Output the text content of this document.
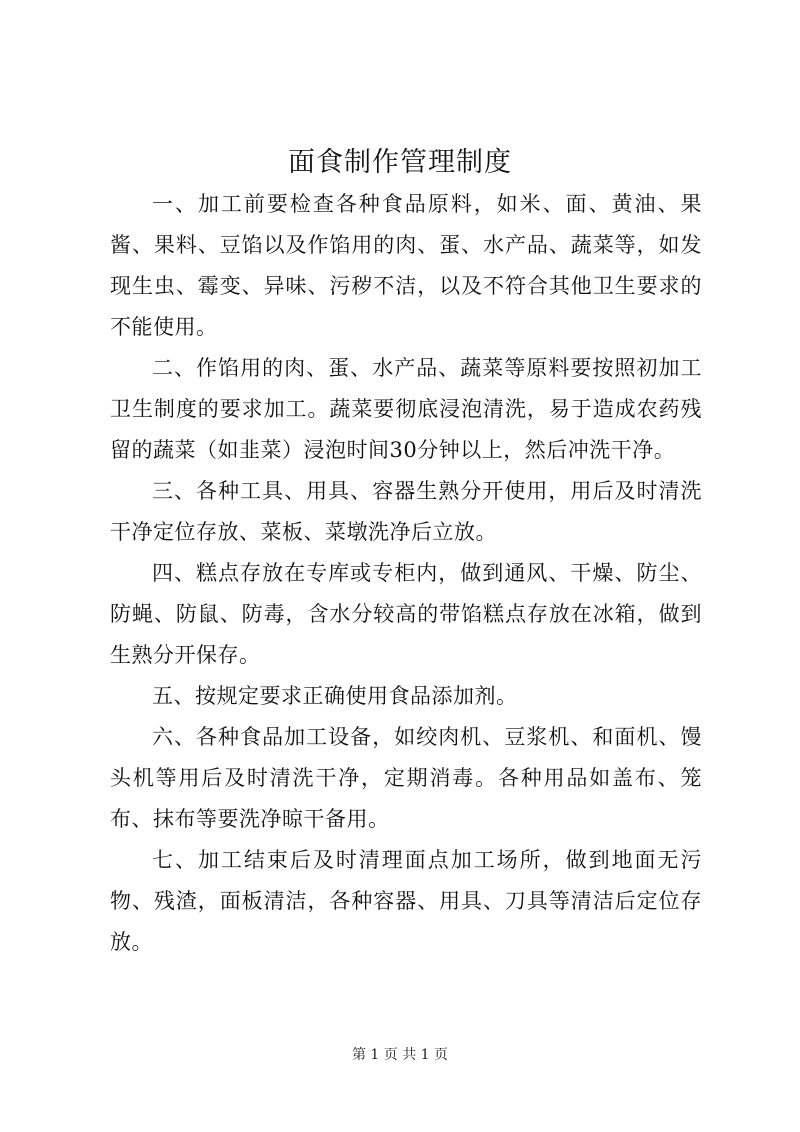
面食制作管理制度

一、加工前要检查各种食品原料，如米、面、黄油、果酱、果料、豆馅以及作馅用的肉、蛋、水产品、蔬菜等，如发现生虫、霉变、异味、污秽不洁，以及不符合其他卫生要求的不能使用。

二、作馅用的肉、蛋、水产品、蔬菜等原料要按照初加工卫生制度的要求加工。蔬菜要彻底浸泡清洗，易于造成农药残留的蔬菜（如韭菜）浸泡时间30分钟以上，然后冲洗干净。

三、各种工具、用具、容器生熟分开使用，用后及时清洗干净定位存放、菜板、菜墩洗净后立放。

四、糕点存放在专库或专柜内，做到通风、干燥、防尘、防蝇、防鼠、防毒，含水分较高的带馅糕点存放在冰箱，做到生熟分开保存。

五、按规定要求正确使用食品添加剂。

六、各种食品加工设备，如绞肉机、豆浆机、和面机、馒头机等用后及时清洗干净，定期消毒。各种用品如盖布、笼布、抹布等要洗净晾干备用。

七、加工结束后及时清理面点加工场所，做到地面无污物、残渣，面板清洁，各种容器、用具、刀具等清洁后定位存放。

第 1 页 共 1 页
